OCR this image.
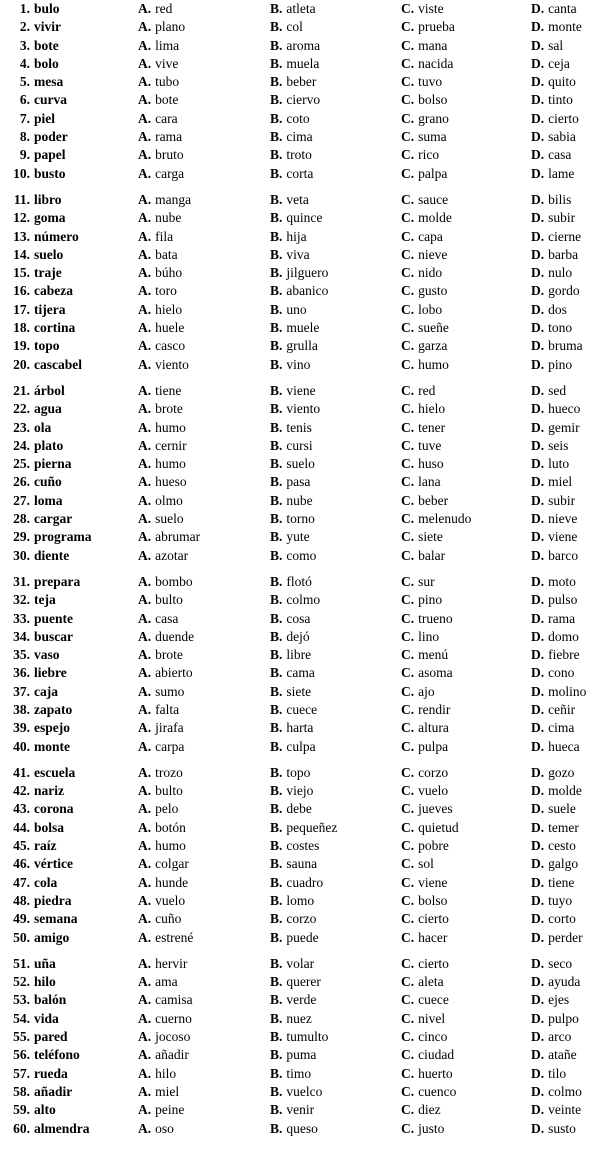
1. bulo	A. red	B. atleta	C. viste	D. canta
2. vivir	A. plano	B. col	C. prueba	D. monte
3. bote	A. lima	B. aroma	C. mana	D. sal
4. bolo	A. vive	B. muela	C. nacida	D. ceja
5. mesa	A. tubo	B. beber	C. tuvo	D. quito
6. curva	A. bote	B. ciervo	C. bolso	D. tinto
7. piel	A. cara	B. coto	C. grano	D. cierto
8. poder	A. rama	B. cima	C. suma	D. sabia
9. papel	A. bruto	B. troto	C. rico	D. casa
10. busto	A. carga	B. corta	C. palpa	D. lame
11. libro	A. manga	B. veta	C. sauce	D. bilis
12. goma	A. nube	B. quince	C. molde	D. subir
13. número	A. fila	B. hija	C. capa	D. cierne
14. suelo	A. bata	B. viva	C. nieve	D. barba
15. traje	A. búho	B. jilguero	C. nido	D. nulo
16. cabeza	A. toro	B. abanico	C. gusto	D. gordo
17. tijera	A. hielo	B. uno	C. lobo	D. dos
18. cortina	A. huele	B. muele	C. sueñe	D. tono
19. topo	A. casco	B. grulla	C. garza	D. bruma
20. cascabel	A. viento	B. vino	C. humo	D. pino
21. árbol	A. tiene	B. viene	C. red	D. sed
22. agua	A. brote	B. viento	C. hielo	D. hueco
23. ola	A. humo	B. tenis	C. tener	D. gemir
24. plato	A. cernir	B. cursi	C. tuve	D. seis
25. pierna	A. humo	B. suelo	C. huso	D. luto
26. cuño	A. hueso	B. pasa	C. lana	D. miel
27. loma	A. olmo	B. nube	C. beber	D. subir
28. cargar	A. suelo	B. torno	C. melenudo	D. nieve
29. programa	A. abrumar	B. yute	C. siete	D. viene
30. diente	A. azotar	B. como	C. balar	D. barco
31. prepara	A. bombo	B. flotó	C. sur	D. moto
32. teja	A. bulto	B. colmo	C. pino	D. pulso
33. puente	A. casa	B. cosa	C. trueno	D. rama
34. buscar	A. duende	B. dejó	C. lino	D. domo
35. vaso	A. brote	B. libre	C. menú	D. fiebre
36. liebre	A. abierto	B. cama	C. asoma	D. cono
37. caja	A. sumo	B. siete	C. ajo	D. molino
38. zapato	A. falta	B. cuece	C. rendir	D. ceñir
39. espejo	A. jirafa	B. harta	C. altura	D. cima
40. monte	A. carpa	B. culpa	C. pulpa	D. hueca
41. escuela	A. trozo	B. topo	C. corzo	D. gozo
42. nariz	A. bulto	B. viejo	C. vuelo	D. molde
43. corona	A. pelo	B. debe	C. jueves	D. suele
44. bolsa	A. botón	B. pequeñez	C. quietud	D. temer
45. raíz	A. humo	B. costes	C. pobre	D. cesto
46. vértice	A. colgar	B. sauna	C. sol	D. galgo
47. cola	A. hunde	B. cuadro	C. viene	D. tiene
48. piedra	A. vuelo	B. lomo	C. bolso	D. tuyo
49. semana	A. cuño	B. corzo	C. cierto	D. corto
50. amigo	A. estrené	B. puede	C. hacer	D. perder
51. uña	A. hervir	B. volar	C. cierto	D. seco
52. hilo	A. ama	B. querer	C. aleta	D. ayuda
53. balón	A. camisa	B. verde	C. cuece	D. ejes
54. vida	A. cuerno	B. nuez	C. nivel	D. pulpo
55. pared	A. jocoso	B. tumulto	C. cinco	D. arco
56. teléfono	A. añadir	B. puma	C. ciudad	D. atañe
57. rueda	A. hilo	B. timo	C. huerto	D. tilo
58. añadir	A. miel	B. vuelco	C. cuenco	D. colmo
59. alto	A. peine	B. venir	C. diez	D. veinte
60. almendra	A. oso	B. queso	C. justo	D. susto
